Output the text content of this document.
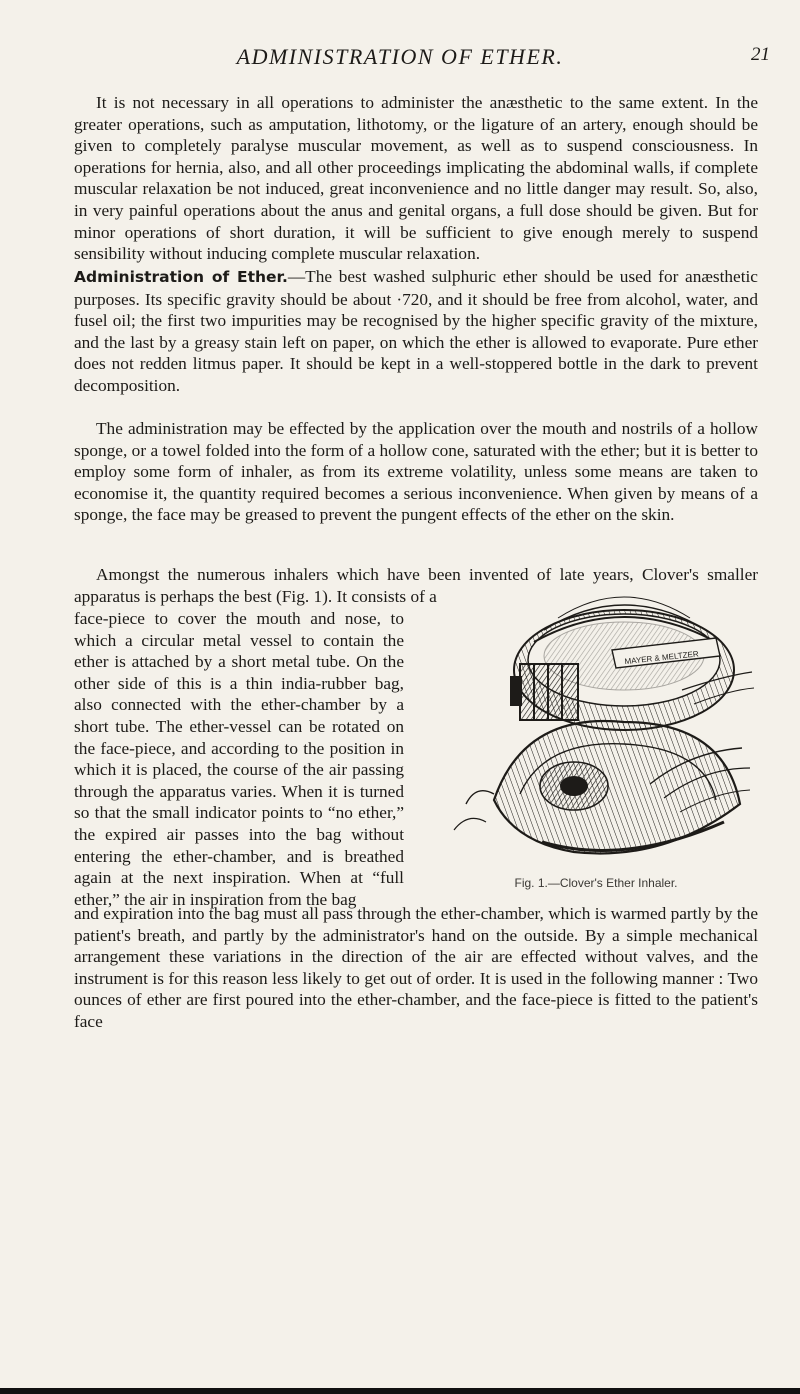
ADMINISTRATION OF ETHER.	21

It is not necessary in all operations to administer the anæsthetic to the same extent. In the greater operations, such as amputation, lithotomy, or the ligature of an artery, enough should be given to completely paralyse muscular movement, as well as to suspend consciousness. In operations for hernia, also, and all other proceedings implicating the abdominal walls, if complete muscular relaxation be not induced, great inconvenience and no little danger may result. So, also, in very painful operations about the anus and genital organs, a full dose should be given. But for minor operations of short duration, it will be sufficient to give enough merely to suspend sensibility without inducing complete muscular relaxation.

Administration of Ether.—The best washed sulphuric ether should be used for anæsthetic purposes. Its specific gravity should be about ·720, and it should be free from alcohol, water, and fusel oil; the first two impurities may be recognised by the higher specific gravity of the mixture, and the last by a greasy stain left on paper, on which the ether is allowed to evaporate. Pure ether does not redden litmus paper. It should be kept in a well-stoppered bottle in the dark to prevent decomposition.

The administration may be effected by the application over the mouth and nostrils of a hollow sponge, or a towel folded into the form of a hollow cone, saturated with the ether; but it is better to employ some form of inhaler, as from its extreme volatility, unless some means are taken to economise it, the quantity required becomes a serious inconvenience. When given by means of a sponge, the face may be greased to prevent the pungent effects of the ether on the skin.

Amongst the numerous inhalers which have been invented of late years, Clover's smaller apparatus is perhaps the best (Fig. 1). It consists of a

face-piece to cover the mouth and nose, to which a circular metal vessel to contain the ether is attached by a short metal tube. On the other side of this is a thin india-rubber bag, also connected with the ether-chamber by a short tube. The ether-vessel can be rotated on the face-piece, and according to the position in which it is placed, the course of the air passing through the apparatus varies. When it is turned so that the small indicator points to “no ether,” the expired air passes into the bag without entering the ether-chamber, and is breathed again at the next inspiration. When at “full ether,” the air in inspiration from the bag

MAYER & MELTZER
Fig. 1.—Clover's Ether Inhaler.

and expiration into the bag must all pass through the ether-chamber, which is warmed partly by the patient's breath, and partly by the administrator's hand on the outside. By a simple mechanical arrangement these variations in the direction of the air are effected without valves, and the instrument is for this reason less likely to get out of order. It is used in the following manner : Two ounces of ether are first poured into the ether-chamber, and the face-piece is fitted to the patient's face
